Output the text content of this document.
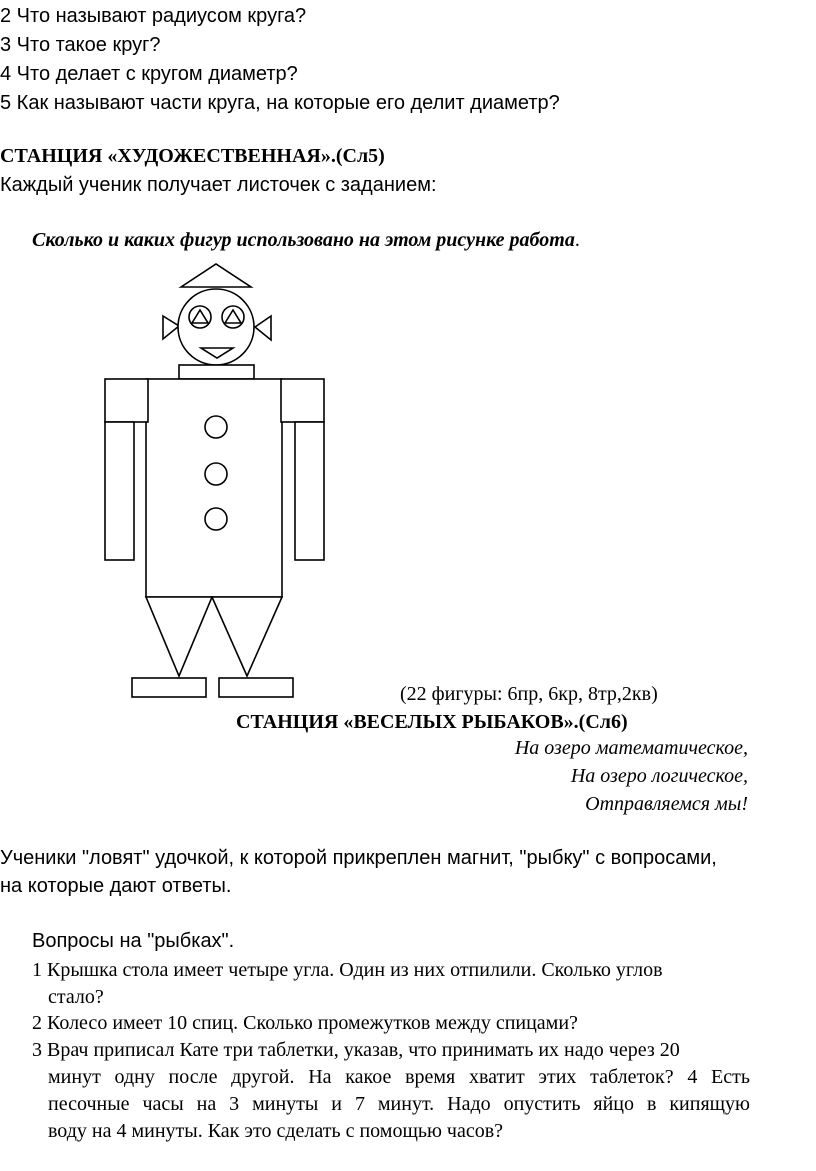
2 Что называют радиусом круга?
3 Что такое круг?
4 Что делает с кругом диаметр?
5 Как называют части круга, на которые его делит диаметр?
СТАНЦИЯ «ХУДОЖЕСТВЕННАЯ».(Сл5)
Каждый ученик получает листочек с заданием:
Сколько и каких фигур использовано на этом рисунке работа.
(22 фигуры: 6пр, 6кр, 8тр,2кв)
СТАНЦИЯ «ВЕСЕЛЫХ РЫБАКОВ».(Сл6)
На озеро математическое,
На озеро логическое,
Отправляемся мы!
Ученики "ловят" удочкой, к которой прикреплен магнит, "рыбку" с вопросами,
на которые дают ответы.
Вопросы на "рыбках".
1 Крышка стола имеет четыре угла. Один из них отпилили. Сколько углов
стало?
2 Колесо имеет 10 спиц. Сколько промежутков между спицами?
3 Врач приписал Кате три таблетки, указав, что принимать их надо через 20
минут одну после другой. На какое время хватит этих таблеток? 4 Есть
песочные часы на 3 минуты и 7 минут. Надо опустить яйцо в кипящую
воду на 4 минуты. Как это сделать с помощью часов?
